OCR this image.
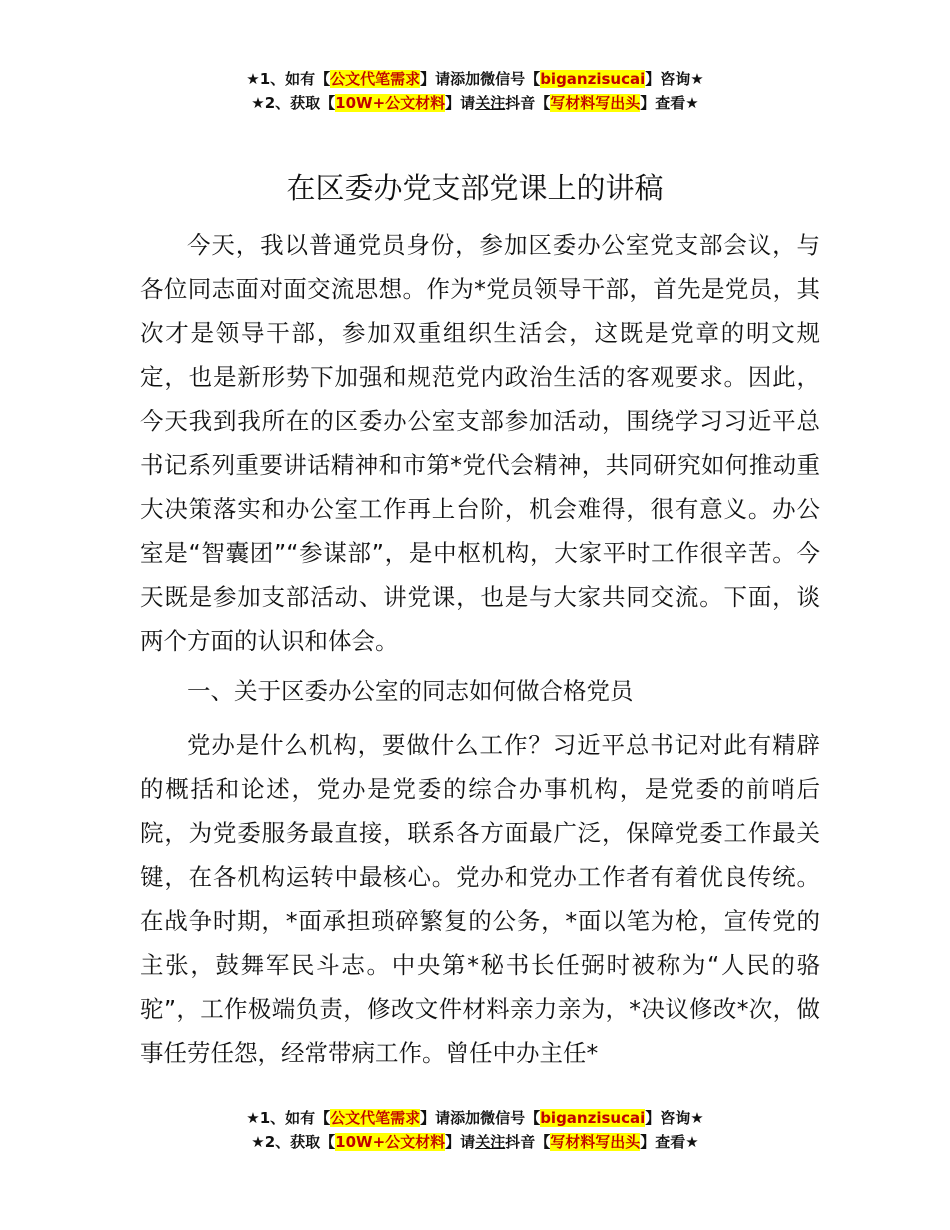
★1、如有【公文代笔需求】请添加微信号【biganzisucai】咨询★
★2、获取【10W+公文材料】请关注抖音【写材料写出头】查看★
在区委办党支部党课上的讲稿

今天，我以普通党员身份，参加区委办公室党支部会议，与各位同志面对面交流思想。作为*党员领导干部，首先是党员，其次才是领导干部，参加双重组织生活会，这既是党章的明文规定，也是新形势下加强和规范党内政治生活的客观要求。因此，今天我到我所在的区委办公室支部参加活动，围绕学习习近平总书记系列重要讲话精神和市第*党代会精神，共同研究如何推动重大决策落实和办公室工作再上台阶，机会难得，很有意义。办公室是“智囊团”“参谋部”，是中枢机构，大家平时工作很辛苦。今天既是参加支部活动、讲党课，也是与大家共同交流。下面，谈两个方面的认识和体会。

一、关于区委办公室的同志如何做合格党员

党办是什么机构，要做什么工作？习近平总书记对此有精辟的概括和论述，党办是党委的综合办事机构，是党委的前哨后院，为党委服务最直接，联系各方面最广泛，保障党委工作最关键，在各机构运转中最核心。党办和党办工作者有着优良传统。在战争时期，*面承担琐碎繁复的公务，*面以笔为枪，宣传党的主张，鼓舞军民斗志。中央第*秘书长任弼时被称为“人民的骆驼”，工作极端负责，修改文件材料亲力亲为，*决议修改*次，做事任劳任怨，经常带病工作。曾任中办主任*

★1、如有【公文代笔需求】请添加微信号【biganzisucai】咨询★
★2、获取【10W+公文材料】请关注抖音【写材料写出头】查看★
